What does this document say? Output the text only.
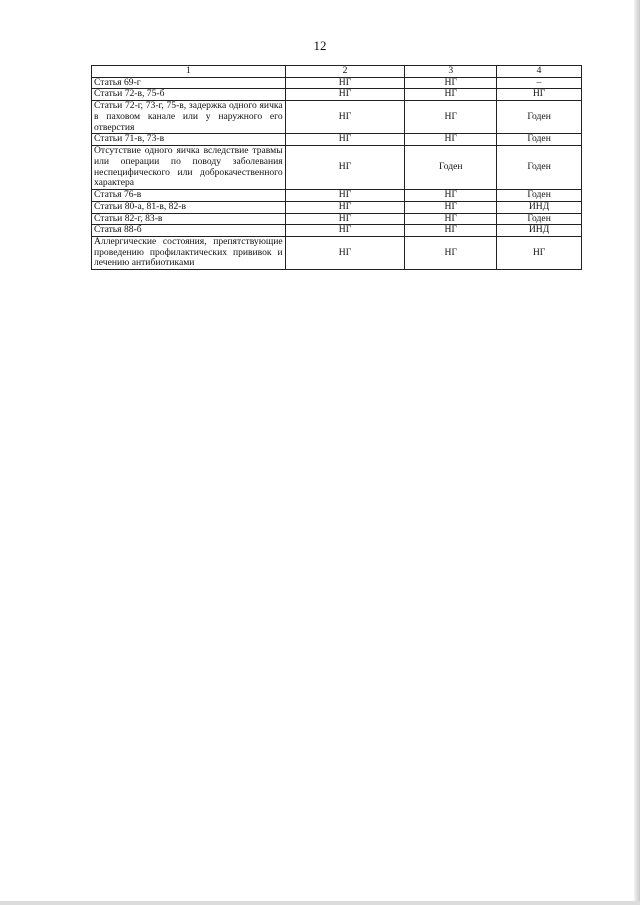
12
1	2	3	4
Статья 69-г	НГ	НГ	–
Статьи 72-в, 75-б	НГ	НГ	НГ
Статьи 72-г, 73-г, 75-в, задержка одного яичка в паховом канале или у наружного его отверстия	НГ	НГ	Годен
Статьи 71-в, 73-в	НГ	НГ	Годен
Отсутствие одного яичка вследствие травмы или операции по поводу заболевания неспецифического или доброкачественного характера	НГ	Годен	Годен
Статья 76-в	НГ	НГ	Годен
Статьи 80-а, 81-в, 82-в	НГ	НГ	ИНД
Статьи 82-г, 83-в	НГ	НГ	Годен
Статья 88-б	НГ	НГ	ИНД
Аллергические состояния, препятствующие проведению профилактических прививок и лечению антибиотиками	НГ	НГ	НГ
